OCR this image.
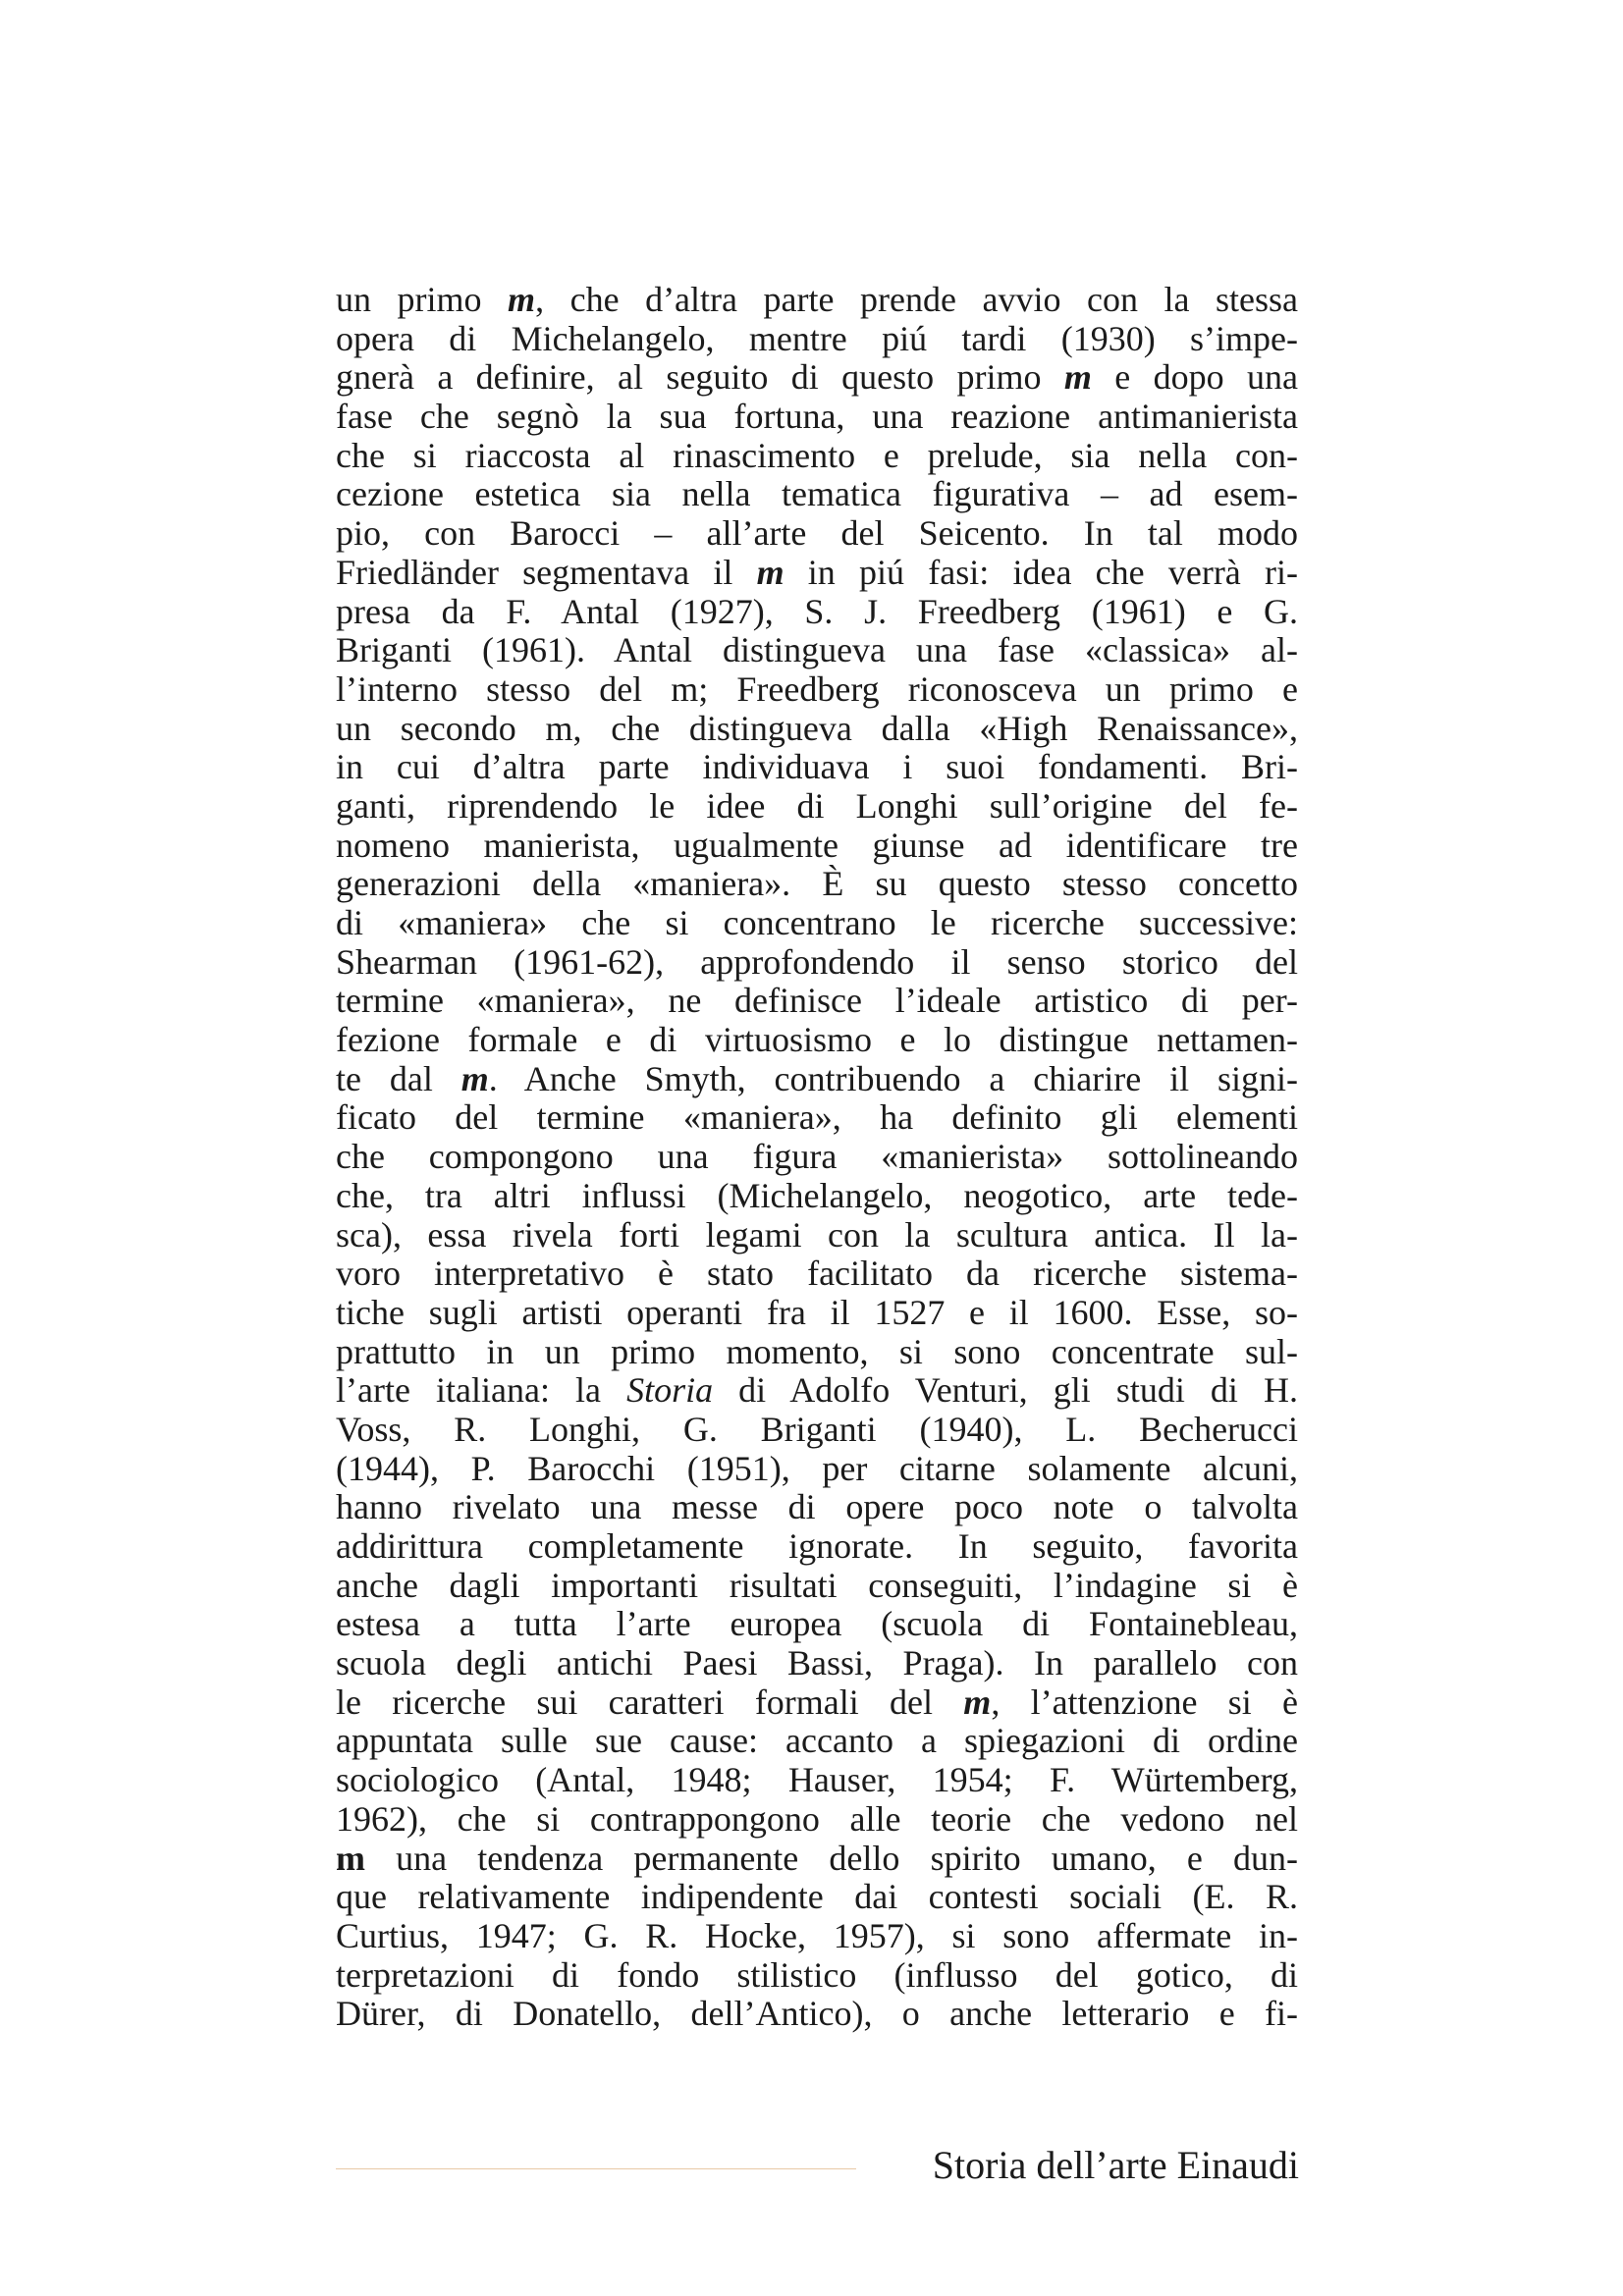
un primo m, che d’altra parte prende avvio con la stessa
opera di Michelangelo, mentre piú tardi (1930) s’impe-
gnerà a definire, al seguito di questo primo m e dopo una
fase che segnò la sua fortuna, una reazione antimanierista
che si riaccosta al rinascimento e prelude, sia nella con-
cezione estetica sia nella tematica figurativa – ad esem-
pio, con Barocci – all’arte del Seicento. In tal modo
Friedländer segmentava il m in piú fasi: idea che verrà ri-
presa da F. Antal (1927), S. J. Freedberg (1961) e G.
Briganti (1961). Antal distingueva una fase «classica» al-
l’interno stesso del m; Freedberg riconosceva un primo e
un secondo m, che distingueva dalla «High Renaissance»,
in cui d’altra parte individuava i suoi fondamenti. Bri-
ganti, riprendendo le idee di Longhi sull’origine del fe-
nomeno manierista, ugualmente giunse ad identificare tre
generazioni della «maniera». È su questo stesso concetto
di «maniera» che si concentrano le ricerche successive:
Shearman (1961-62), approfondendo il senso storico del
termine «maniera», ne definisce l’ideale artistico di per-
fezione formale e di virtuosismo e lo distingue nettamen-
te dal m. Anche Smyth, contribuendo a chiarire il signi-
ficato del termine «maniera», ha definito gli elementi
che compongono una figura «manierista» sottolineando
che, tra altri influssi (Michelangelo, neogotico, arte tede-
sca), essa rivela forti legami con la scultura antica. Il la-
voro interpretativo è stato facilitato da ricerche sistema-
tiche sugli artisti operanti fra il 1527 e il 1600. Esse, so-
prattutto in un primo momento, si sono concentrate sul-
l’arte italiana: la Storia di Adolfo Venturi, gli studi di H.
Voss, R. Longhi, G. Briganti (1940), L. Becherucci
(1944), P. Barocchi (1951), per citarne solamente alcuni,
hanno rivelato una messe di opere poco note o talvolta
addirittura completamente ignorate. In seguito, favorita
anche dagli importanti risultati conseguiti, l’indagine si è
estesa a tutta l’arte europea (scuola di Fontainebleau,
scuola degli antichi Paesi Bassi, Praga). In parallelo con
le ricerche sui caratteri formali del m, l’attenzione si è
appuntata sulle sue cause: accanto a spiegazioni di ordine
sociologico (Antal, 1948; Hauser, 1954; F. Würtemberg,
1962), che si contrappongono alle teorie che vedono nel
m una tendenza permanente dello spirito umano, e dun-
que relativamente indipendente dai contesti sociali (E. R.
Curtius, 1947; G. R. Hocke, 1957), si sono affermate in-
terpretazioni di fondo stilistico (influsso del gotico, di
Dürer, di Donatello, dell’Antico), o anche letterario e fi-
Storia dell’arte Einaudi
